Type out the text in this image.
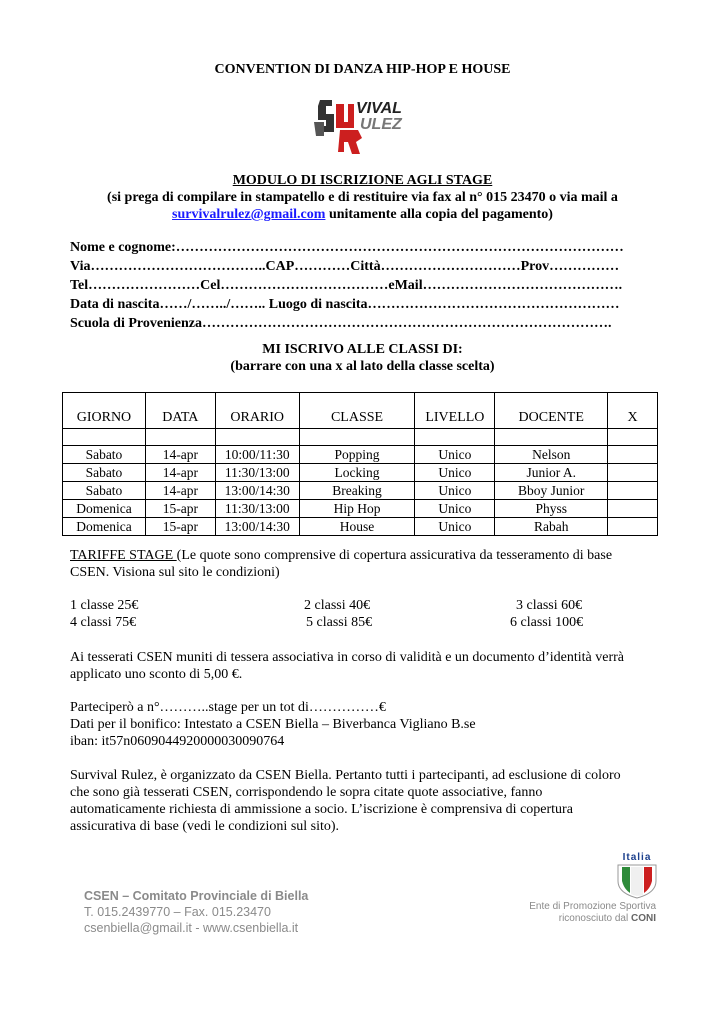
CONVENTION DI DANZA HIP-HOP E HOUSE
VIVAL
ULEZ
MODULO DI ISCRIZIONE AGLI STAGE
(si prega di compilare in stampatello e di restituire via fax al n° 015 23470 o via mail a
survivalrulez@gmail.com unitamente alla copia del pagamento)
Nome e cognome:……………………………………………………………………………………
Via………………………………..CAP…………Città…………………………Prov……………
Tel……………………Cel………………………………eMail…………………………………….
Data di nascita……/……../…….. Luogo di nascita………………………………………………
Scuola di Provenienza…………………………………………………………………………….
MI ISCRIVO ALLE CLASSI DI:
(barrare con una x al lato della classe scelta)
GIORNO	DATA	ORARIO	CLASSE	LIVELLO	DOCENTE	X

Sabato	14-apr	10:00/11:30	Popping	Unico	Nelson	
Sabato	14-apr	11:30/13:00	Locking	Unico	Junior A.	
Sabato	14-apr	13:00/14:30	Breaking	Unico	Bboy Junior	
Domenica	15-apr	11:30/13:00	Hip Hop	Unico	Physs	
Domenica	15-apr	13:00/14:30	House	Unico	Rabah	
TARIFFE STAGE (Le quote sono comprensive di copertura assicurativa da tesseramento di base
CSEN. Visiona sul sito le condizioni)
1 classe 25€	2 classi 40€	3 classi 60€
4 classi 75€	5 classi 85€	6 classi 100€
Ai tesserati CSEN muniti di tessera associativa in corso di validità e un documento d’identità verrà
applicato uno sconto di 5,00 €.
Parteciperò a n°………..stage per un tot di……………€
Dati per il bonifico: Intestato a CSEN Biella – Biverbanca Vigliano B.se
iban: it57n0609044920000030090764
Survival Rulez, è organizzato da CSEN Biella. Pertanto tutti i partecipanti, ad esclusione di coloro
che sono già tesserati CSEN, corrispondendo le sopra citate quote associative, fanno
automaticamente richiesta di ammissione a socio. L’iscrizione è comprensiva di copertura
assicurativa di base (vedi le condizioni sul sito).
CSEN – Comitato Provinciale di Biella
T. 015.2439770 – Fax. 015.23470
csenbiella@gmail.it - www.csenbiella.it
Italia
Ente di Promozione Sportiva
riconosciuto dal CONI
